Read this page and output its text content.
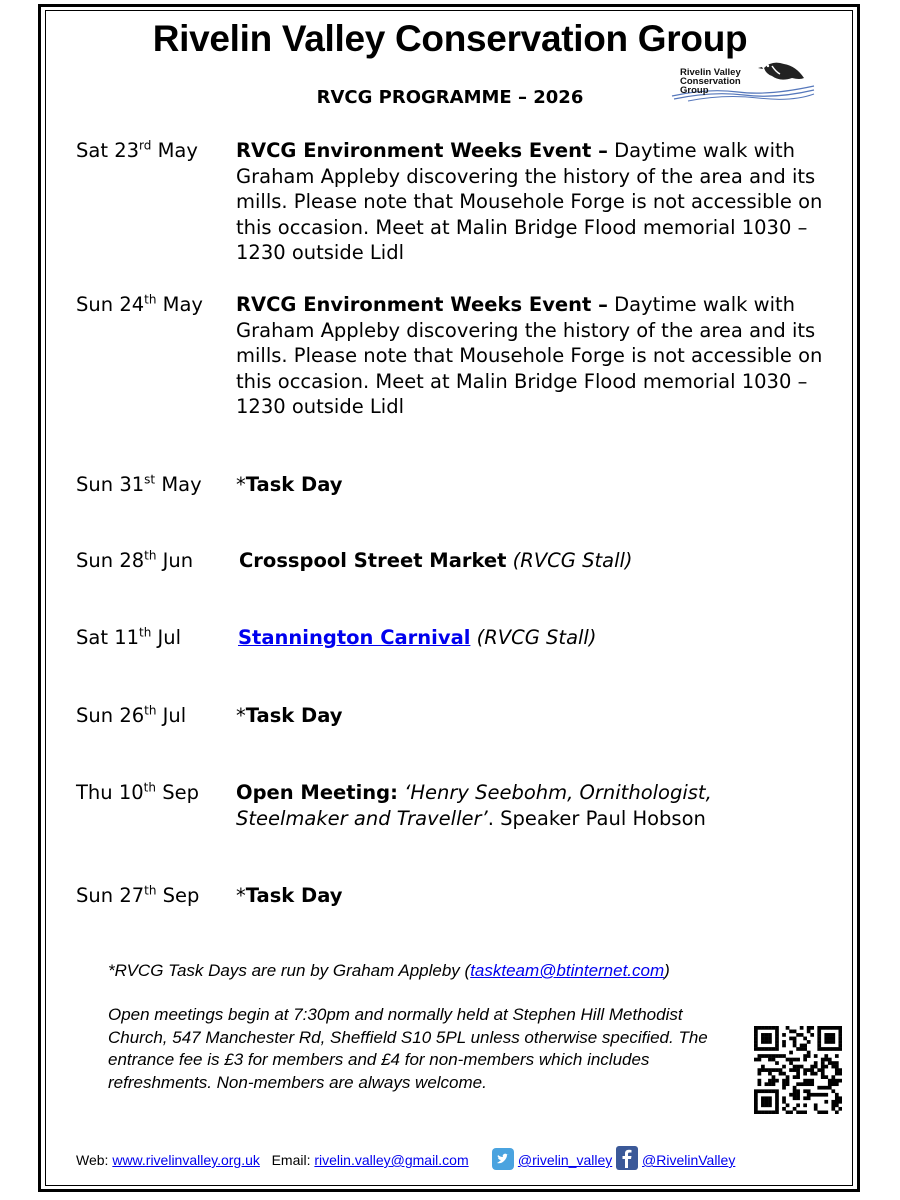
Rivelin Valley Conservation Group
RVCG PROGRAMME – 2026
Rivelin Valley
Conservation
Group
Sat 23rd May RVCG Environment Weeks Event – Daytime walk with Graham Appleby discovering the history of the area and its mills. Please note that Mousehole Forge is not accessible on this occasion. Meet at Malin Bridge Flood memorial 1030 – 1230 outside Lidl
Sun 24th May RVCG Environment Weeks Event – Daytime walk with Graham Appleby discovering the history of the area and its mills. Please note that Mousehole Forge is not accessible on this occasion. Meet at Malin Bridge Flood memorial 1030 – 1230 outside Lidl
Sun 31st May *Task Day
Sun 28th Jun Crosspool Street Market (RVCG Stall)
Sat 11th Jul	Stannington Carnival (RVCG Stall)
Sun 26th Jul	*Task Day
Thu 10th Sep Open Meeting: ‘Henry Seebohm, Ornithologist, Steelmaker and Traveller’. Speaker Paul Hobson
Sun 27th Sep *Task Day
*RVCG Task Days are run by Graham Appleby (taskteam@btinternet.com)
Open meetings begin at 7:30pm and normally held at Stephen Hill Methodist Church, 547 Manchester Rd, Sheffield S10 5PL unless otherwise specified. The entrance fee is £3 for members and £4 for non-members which includes refreshments. Non-members are always welcome.
Web: www.rivelinvalley.org.uk Email: rivelin.valley@gmail.com	@rivelin_valley @RivelinValley
